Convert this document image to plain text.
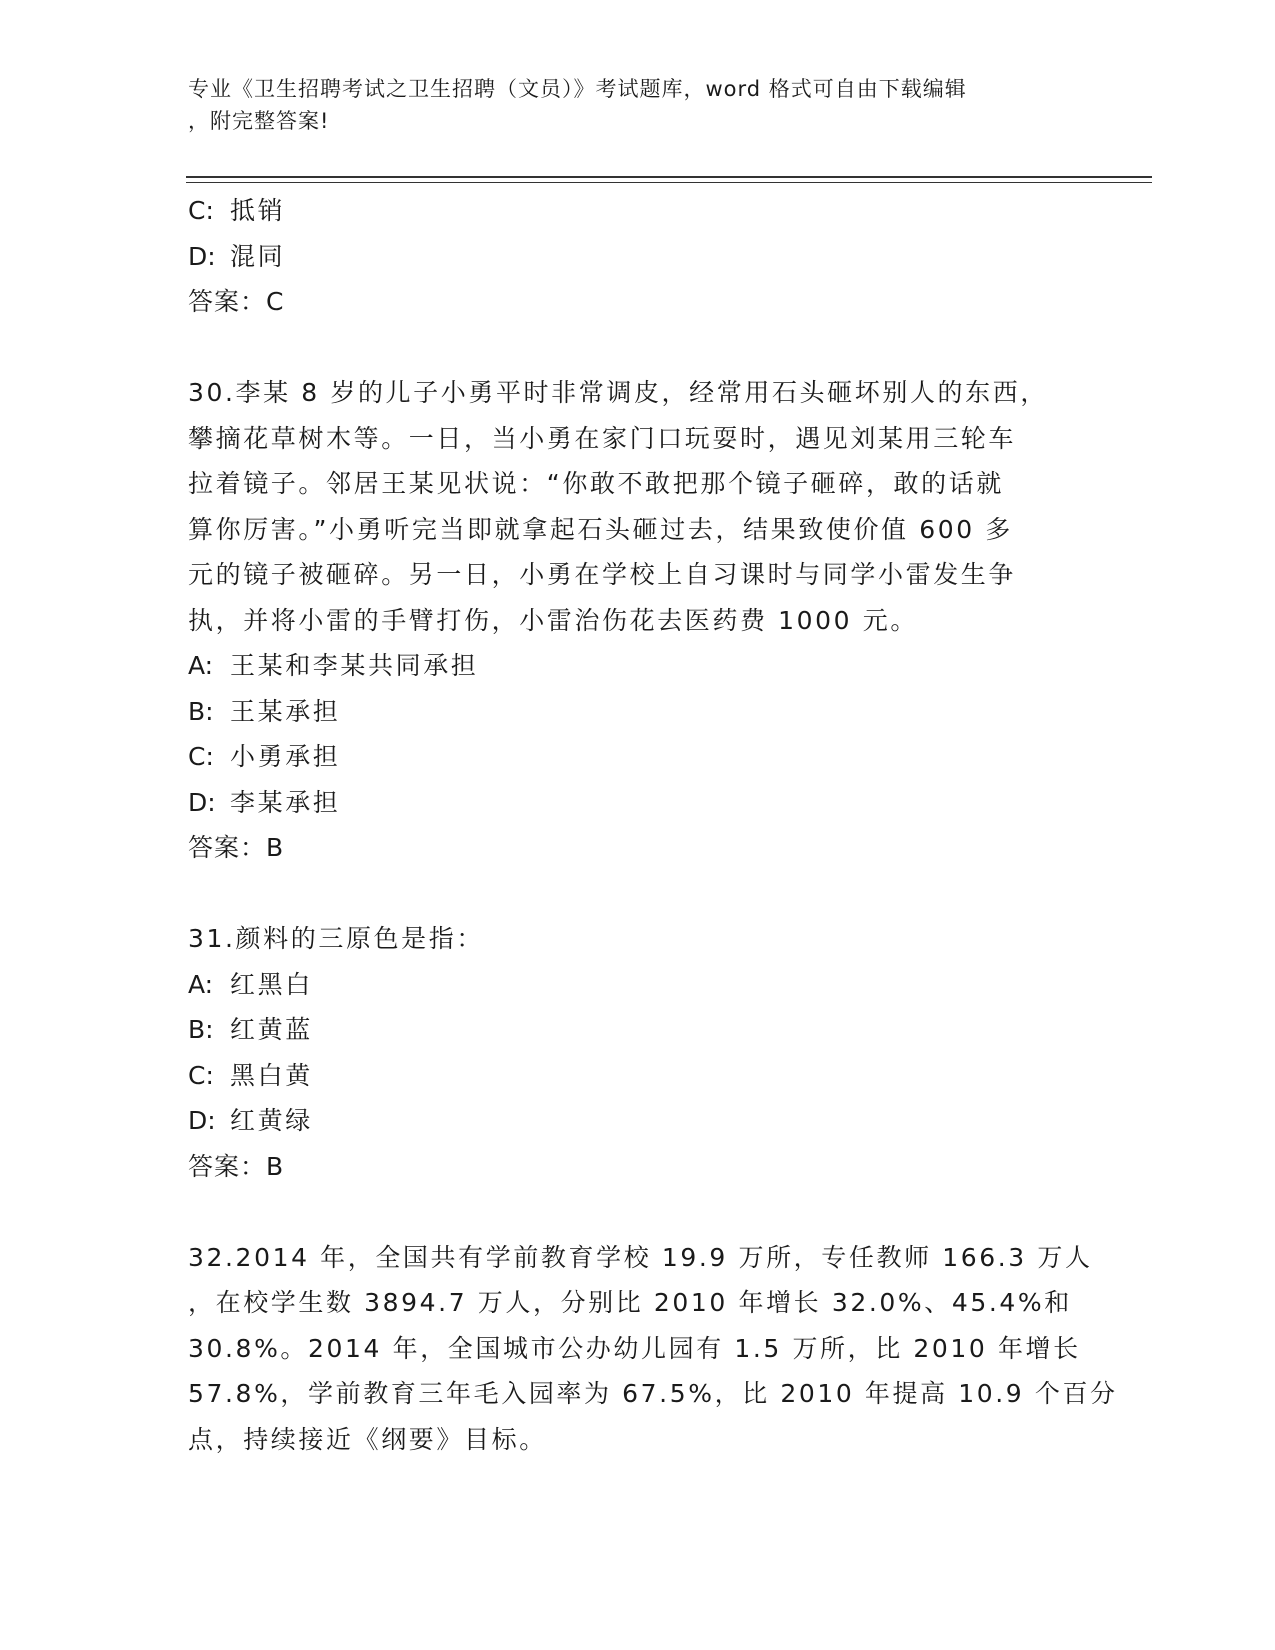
专业《卫生招聘考试之卫生招聘（文员）》考试题库，word 格式可自由下载编辑
，附完整答案!
C: 抵销
D: 混同
答案：C
30.李某 8 岁的儿子小勇平时非常调皮，经常用石头砸坏别人的东西，
攀摘花草树木等。一日，当小勇在家门口玩耍时，遇见刘某用三轮车
拉着镜子。邻居王某见状说：“你敢不敢把那个镜子砸碎，敢的话就
算你厉害。”小勇听完当即就拿起石头砸过去，结果致使价值 600 多
元的镜子被砸碎。另一日，小勇在学校上自习课时与同学小雷发生争
执，并将小雷的手臂打伤，小雷治伤花去医药费 1000 元。
A: 王某和李某共同承担
B: 王某承担
C: 小勇承担
D: 李某承担
答案：B
31.颜料的三原色是指：
A: 红黑白
B: 红黄蓝
C: 黑白黄
D: 红黄绿
答案：B
32.2014 年，全国共有学前教育学校 19.9 万所，专任教师 166.3 万人
，在校学生数 3894.7 万人，分别比 2010 年增长 32.0%、45.4%和
30.8%。2014 年，全国城市公办幼儿园有 1.5 万所，比 2010 年增长
57.8%，学前教育三年毛入园率为 67.5%，比 2010 年提高 10.9 个百分
点，持续接近《纲要》目标。
